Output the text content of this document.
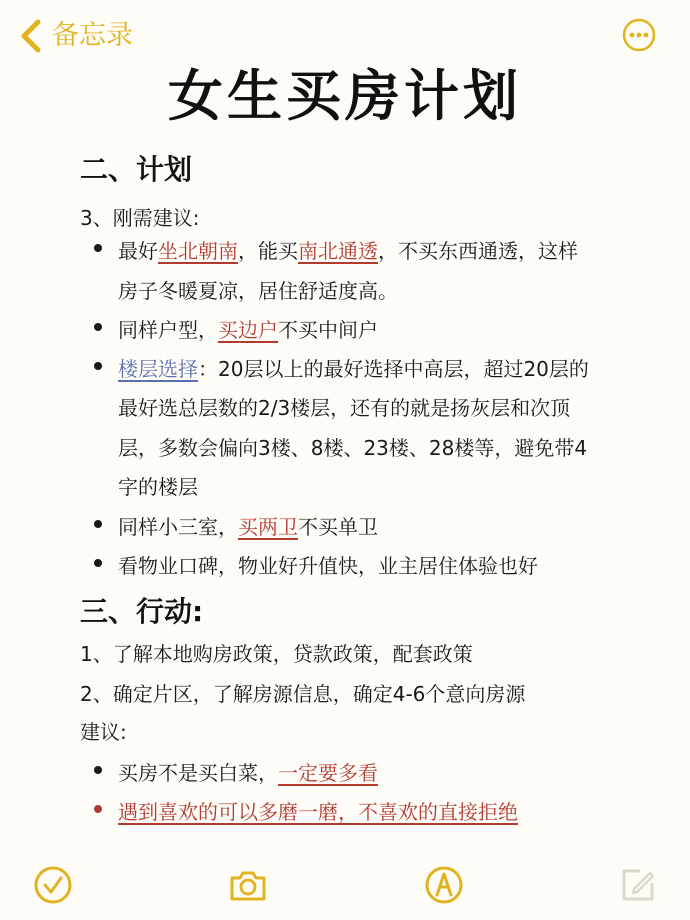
备忘录
女生买房计划
二、计划
3、刚需建议:
最好坐北朝南，能买南北通透，不买东西通透，这样
房子冬暖夏凉，居住舒适度高。
同样户型，买边户不买中间户
楼层选择：20层以上的最好选择中高层，超过20层的
最好选总层数的2/3楼层，还有的就是扬灰层和次顶
层，多数会偏向3楼、8楼、23楼、28楼等，避免带4
字的楼层
同样小三室，买两卫不买单卫
看物业口碑，物业好升值快，业主居住体验也好
三、行动:
1、了解本地购房政策，贷款政策，配套政策
2、确定片区，了解房源信息，确定4-6个意向房源
建议:
买房不是买白菜，一定要多看
遇到喜欢的可以多磨一磨，不喜欢的直接拒绝
